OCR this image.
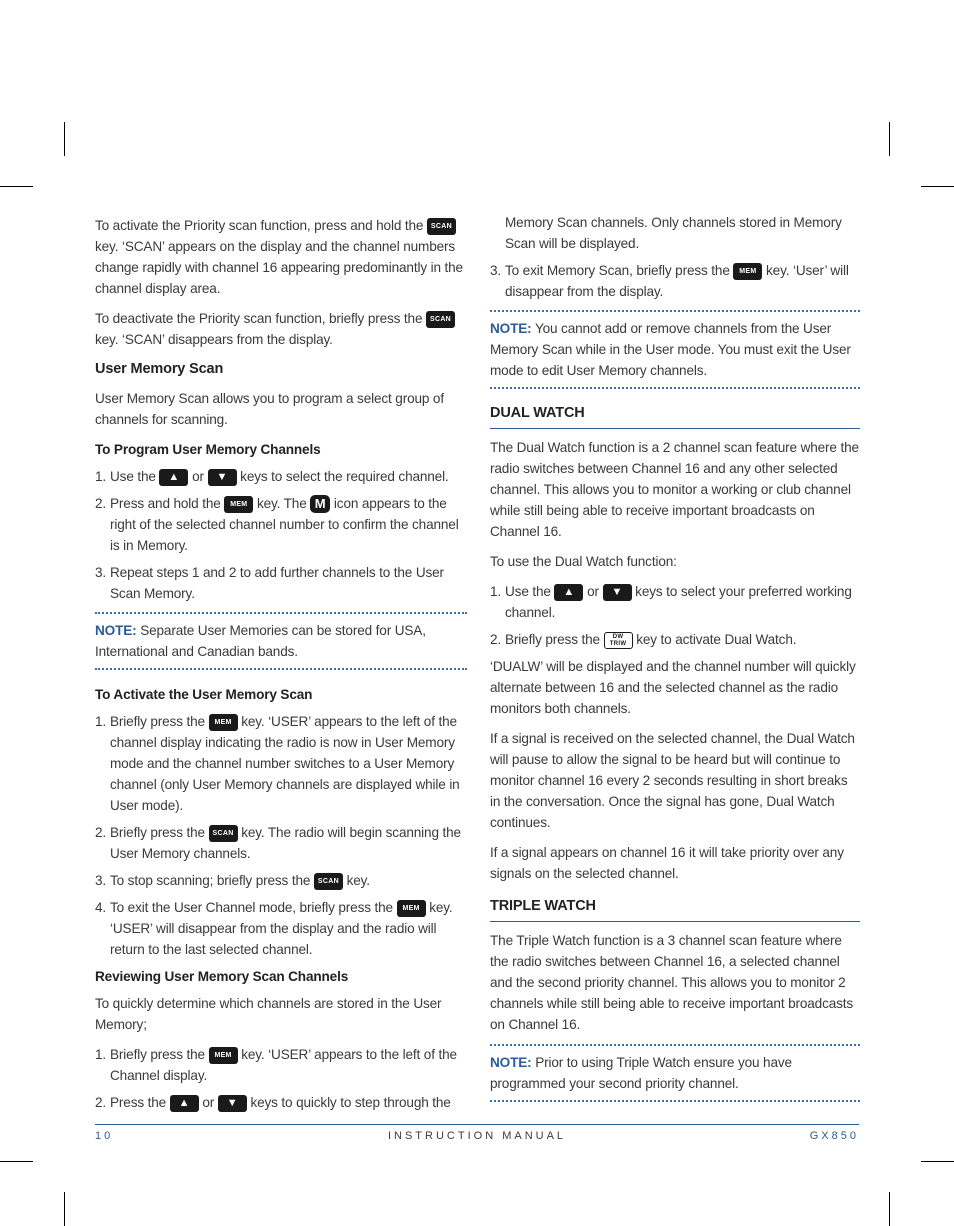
To activate the Priority scan function, press and hold the SCAN key. ‘SCAN’ appears on the display and the channel numbers change rapidly with channel 16 appearing predominantly in the channel display area.

To deactivate the Priority scan function, briefly press the SCAN key. ‘SCAN’ disappears from the display.

User Memory Scan

User Memory Scan allows you to program a select group of channels for scanning.

To Program User Memory Channels
1. Use the ▲ or ▼ keys to select the required channel.
2. Press and hold the MEM key. The M icon appears to the right of the selected channel number to confirm the channel is in Memory.
3. Repeat steps 1 and 2 to add further channels to the User Scan Memory.
NOTE: Separate User Memories can be stored for USA, International and Canadian bands.
To Activate the User Memory Scan
1. Briefly press the MEM key. ‘USER’ appears to the left of the channel display indicating the radio is now in User Memory mode and the channel number switches to a User Memory channel (only User Memory channels are displayed while in User mode).
2. Briefly press the SCAN key. The radio will begin scanning the User Memory channels.
3. To stop scanning; briefly press the SCAN key.
4. To exit the User Channel mode, briefly press the MEM key. ‘USER’ will disappear from the display and the radio will return to the last selected channel.
Reviewing User Memory Scan Channels

To quickly determine which channels are stored in the User Memory;

1. Briefly press the MEM key. ‘USER’ appears to the left of the Channel display.
2. Press the ▲ or ▼ keys to quickly to step through the
Memory Scan channels. Only channels stored in Memory Scan will be displayed.
3. To exit Memory Scan, briefly press the MEM key. ‘User’ will disappear from the display.
NOTE: You cannot add or remove channels from the User Memory Scan while in the User mode. You must exit the User mode to edit User Memory channels.
DUAL WATCH

The Dual Watch function is a 2 channel scan feature where the radio switches between Channel 16 and any other selected channel. This allows you to monitor a working or club channel while still being able to receive important broadcasts on Channel 16.

To use the Dual Watch function:

1. Use the ▲ or ▼ keys to select your preferred working channel.
2. Briefly press the DW
TRIW key to activate Dual Watch.

‘DUALW’ will be displayed and the channel number will quickly alternate between 16 and the selected channel as the radio monitors both channels.

If a signal is received on the selected channel, the Dual Watch will pause to allow the signal to be heard but will continue to monitor channel 16 every 2 seconds resulting in short breaks in the conversation. Once the signal has gone, Dual Watch continues.

If a signal appears on channel 16 it will take priority over any signals on the selected channel.

TRIPLE WATCH

The Triple Watch function is a 3 channel scan feature where the radio switches between Channel 16, a selected channel and the second priority channel. This allows you to monitor 2 channels while still being able to receive important broadcasts on Channel 16.

NOTE: Prior to using Triple Watch ensure you have programmed your second priority channel.
10	INSTRUCTION MANUAL	GX850
